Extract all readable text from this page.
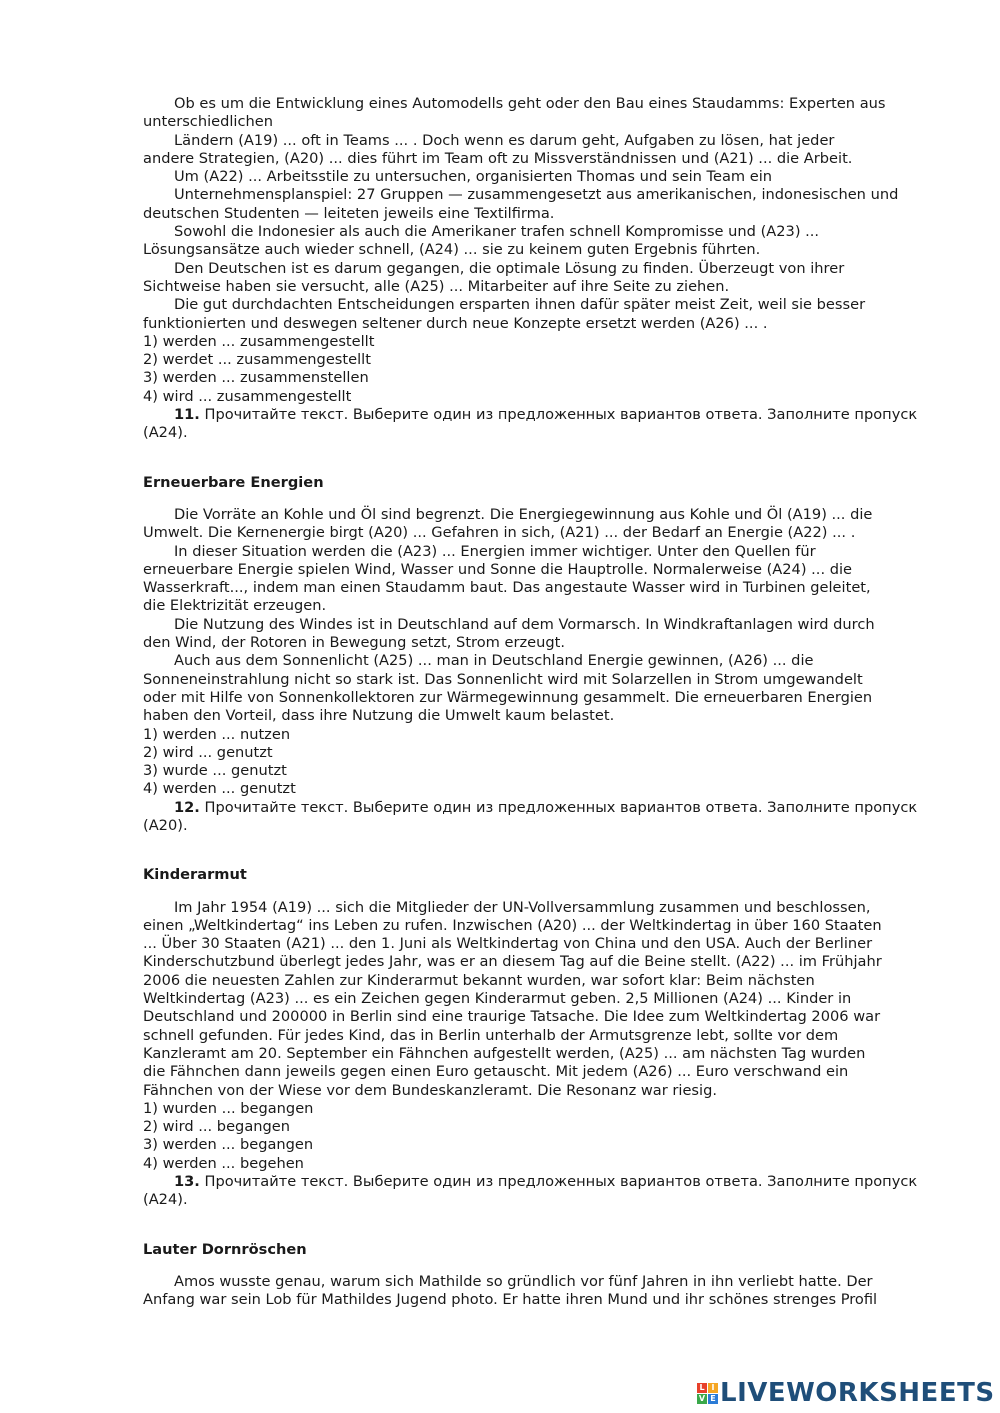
Ob es um die Entwicklung eines Automodells geht oder den Bau eines Staudamms: Experten aus
unterschiedlichen
Ländern (A19) ... oft in Teams ... . Doch wenn es darum geht, Aufgaben zu lösen, hat jeder
andere Strategien, (A20) ... dies führt im Team oft zu Missverständnissen und (A21) ... die Arbeit.
Um (A22) ... Arbeitsstile zu untersuchen, organisierten Thomas und sein Team ein
Unternehmensplanspiel: 27 Gruppen — zusammengesetzt aus amerikanischen, indonesischen und
deutschen Studenten — leiteten jeweils eine Textilfirma.
Sowohl die Indonesier als auch die Amerikaner trafen schnell Kompromisse und (A23) ...
Lösungsansätze auch wieder schnell, (A24) ... sie zu keinem guten Ergebnis führten.
Den Deutschen ist es darum gegangen, die optimale Lösung zu finden. Überzeugt von ihrer
Sichtweise haben sie versucht, alle (A25) ... Mitarbeiter auf ihre Seite zu ziehen.
Die gut durchdachten Entscheidungen ersparten ihnen dafür später meist Zeit, weil sie besser
funktionierten und deswegen seltener durch neue Konzepte ersetzt werden (A26) ... .
1) werden ... zusammengestellt
2) werdet ... zusammengestellt
3) werden ... zusammenstellen
4) wird ... zusammengestellt
11. Прочитайте текст. Выберите один из предложенных вариантов ответа. Заполните пропуск
(A24).
Erneuerbare Energien
Die Vorräte an Kohle und Öl sind begrenzt. Die Energiegewinnung aus Kohle und Öl (A19) ... die
Umwelt. Die Kernenergie birgt (A20) ... Gefahren in sich, (A21) ... der Bedarf an Energie (A22) ... .
In dieser Situation werden die (A23) ... Energien immer wichtiger. Unter den Quellen für
erneuerbare Energie spielen Wind, Wasser und Sonne die Hauptrolle. Normalerweise (A24) ... die
Wasserkraft..., indem man einen Staudamm baut. Das angestaute Wasser wird in Turbinen geleitet,
die Elektrizität erzeugen.
Die Nutzung des Windes ist in Deutschland auf dem Vormarsch. In Windkraftanlagen wird durch
den Wind, der Rotoren in Bewegung setzt, Strom erzeugt.
Auch aus dem Sonnenlicht (A25) ... man in Deutschland Energie gewinnen, (A26) ... die
Sonneneinstrahlung nicht so stark ist. Das Sonnenlicht wird mit Solarzellen in Strom umgewandelt
oder mit Hilfe von Sonnenkollektoren zur Wärmegewinnung gesammelt. Die erneuerbaren Energien
haben den Vorteil, dass ihre Nutzung die Umwelt kaum belastet.
1) werden ... nutzen
2) wird ... genutzt
3) wurde ... genutzt
4) werden ... genutzt
12. Прочитайте текст. Выберите один из предложенных вариантов ответа. Заполните пропуск
(A20).
Kinderarmut
Im Jahr 1954 (A19) ... sich die Mitglieder der UN-Vollversammlung zusammen und beschlossen,
einen „Weltkindertag“ ins Leben zu rufen. Inzwischen (A20) ... der Weltkindertag in über 160 Staaten
... Über 30 Staaten (A21) ... den 1. Juni als Weltkindertag von China und den USA. Auch der Berliner
Kinderschutzbund überlegt jedes Jahr, was er an diesem Tag auf die Beine stellt. (A22) ... im Frühjahr
2006 die neuesten Zahlen zur Kinderarmut bekannt wurden, war sofort klar: Beim nächsten
Weltkindertag (A23) ... es ein Zeichen gegen Kinderarmut geben. 2,5 Millionen (A24) ... Kinder in
Deutschland und 200000 in Berlin sind eine traurige Tatsache. Die Idee zum Weltkindertag 2006 war
schnell gefunden. Für jedes Kind, das in Berlin unterhalb der Armutsgrenze lebt, sollte vor dem
Kanzleramt am 20. September ein Fähnchen aufgestellt werden, (A25) ... am nächsten Tag wurden
die Fähnchen dann jeweils gegen einen Euro getauscht. Mit jedem (A26) ... Euro verschwand ein
Fähnchen von der Wiese vor dem Bundeskanzleramt. Die Resonanz war riesig.
1) wurden ... begangen
2) wird ... begangen
3) werden ... begangen
4) werden ... begehen
13. Прочитайте текст. Выберите один из предложенных вариантов ответа. Заполните пропуск
(A24).
Lauter Dornröschen
Amos wusste genau, warum sich Mathilde so gründlich vor fünf Jahren in ihn verliebt hatte. Der
Anfang war sein Lob für Mathildes Jugend photo. Er hatte ihren Mund und ihr schönes strenges Profil
L I
V E LIVEWORKSHEETS
